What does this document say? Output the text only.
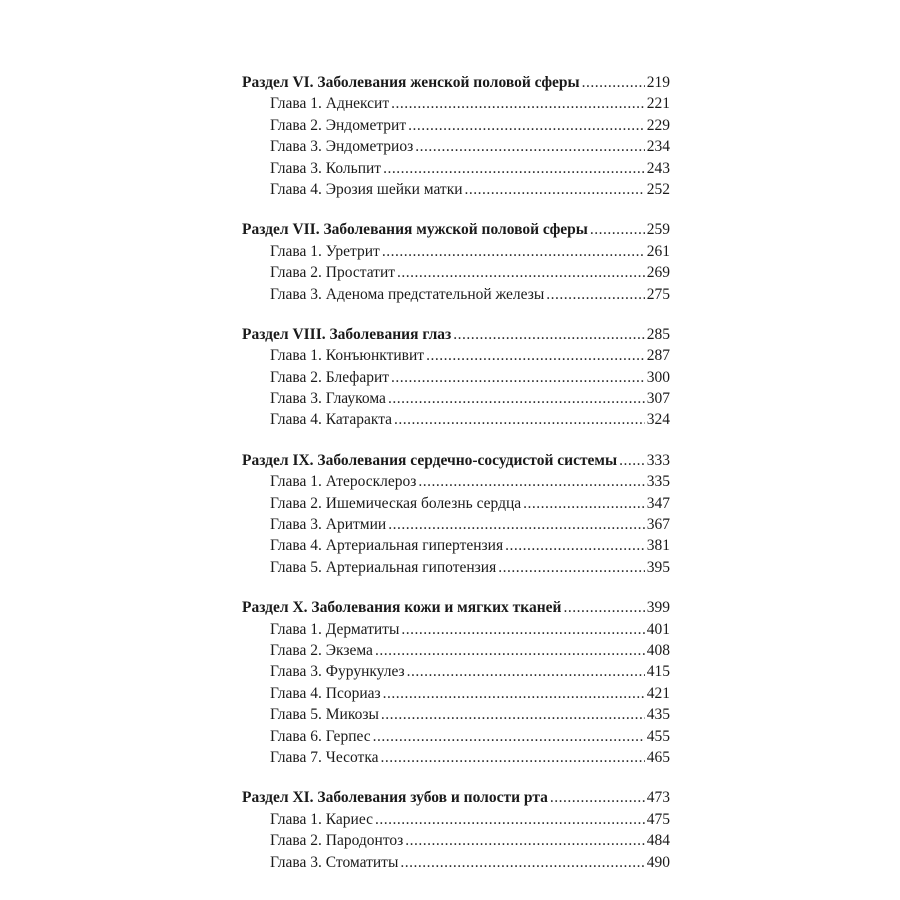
Раздел VI. Заболевания женской половой сферы .....	219
Глава 1. Аднексит .....	221
Глава 2. Эндометрит .....	229
Глава 3. Эндометриоз .....	234
Глава 3. Кольпит .....	243
Глава 4. Эрозия шейки матки .....	252
Раздел VII. Заболевания мужской половой сферы .....	259
Глава 1. Уретрит .....	261
Глава 2. Простатит .....	269
Глава 3. Аденома предстательной железы .....	275
Раздел VIII. Заболевания глаз .....	285
Глава 1. Конъюнктивит .....	287
Глава 2. Блефарит .....	300
Глава 3. Глаукома .....	307
Глава 4. Катаракта .....	324
Раздел IX. Заболевания сердечно-сосудистой системы ..... 333
Глава 1. Атеросклероз .....	335
Глава 2. Ишемическая болезнь сердца .....	347
Глава 3. Аритмии .....	367
Глава 4. Артериальная гипертензия .....	381
Глава 5. Артериальная гипотензия .....	395
Раздел X. Заболевания кожи и мягких тканей .....	399
Глава 1. Дерматиты .....	401
Глава 2. Экзема .....	408
Глава 3. Фурункулез .....	415
Глава 4. Псориаз .....	421
Глава 5. Микозы .....	435
Глава 6. Герпес .....	455
Глава 7. Чесотка .....	465
Раздел XI. Заболевания зубов и полости рта .....	473
Глава 1. Кариес .....	475
Глава 2. Пародонтоз .....	484
Глава 3. Стоматиты .....	490
